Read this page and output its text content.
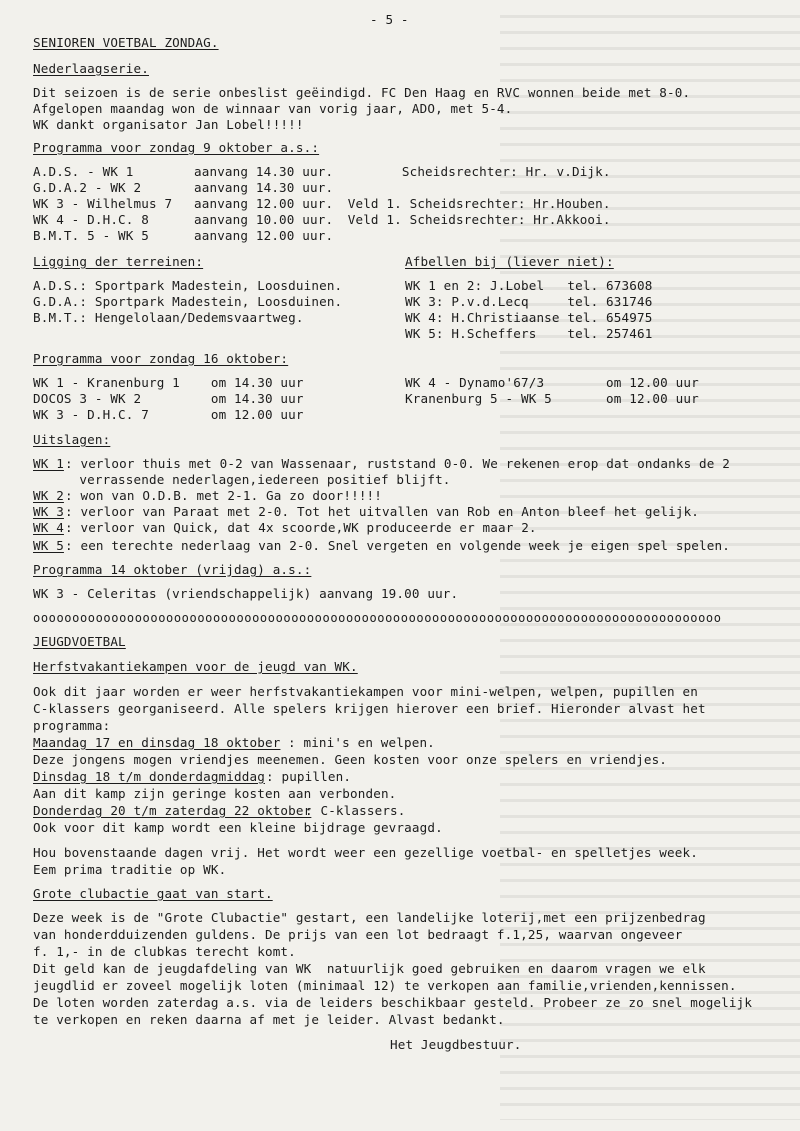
- 5 -
SENIOREN VOETBAL ZONDAG.
Nederlaagserie.
Dit seizoen is de serie onbeslist geëindigd. FC Den Haag en RVC wonnen beide met 8-0.
Afgelopen maandag won de winnaar van vorig jaar, ADO, met 5-4.
WK dankt organisator Jan Lobel!!!!!
Programma voor zondag 9 oktober a.s.:
A.D.S. - WK 1	aanvang 14.30 uur. Scheidsrechter: Hr. v.Dijk.
G.D.A.2 - WK 2	aanvang 14.30 uur.
WK 3 - Wilhelmus 7 aanvang 12.00 uur. Veld 1. Scheidsrechter: Hr.Houben.
WK 4 - D.H.C. 8	aanvang 10.00 uur. Veld 1. Scheidsrechter: Hr.Akkooi.
B.M.T. 5 - WK 5	aanvang 12.00 uur.
Ligging der terreinen:
A.D.S.: Sportpark Madestein, Loosduinen.
G.D.A.: Sportpark Madestein, Loosduinen.
B.M.T.: Hengelolaan/Dedemsvaartweg.
Afbellen bij (liever niet):
WK 1 en 2: J.Lobel   tel. 673608
WK 3: P.v.d.Lecq     tel. 631746
WK 4: H.Christiaanse tel. 654975
WK 5: H.Scheffers    tel. 257461
Programma voor zondag 16 oktober:
WK 1 - Kranenburg 1    om 14.30 uur
DOCOS 3 - WK 2         om 14.30 uur
WK 3 - D.H.C. 7        om 12.00 uur
WK 4 - Dynamo'67/3        om 12.00 uur
Kranenburg 5 - WK 5       om 12.00 uur
Uitslagen:
WK 1 : verloor thuis met 0-2 van Wassenaar, ruststand 0-0. We rekenen erop dat ondanks de 2
verrassende nederlagen,iedereen positief blijft.
WK 2 : won van O.D.B. met 2-1. Ga zo door!!!!!
WK 3 : verloor van Paraat met 2-0. Tot het uitvallen van Rob en Anton bleef het gelijk.
WK 4 : verloor van Quick, dat 4x scoorde,WK produceerde er maar 2.
WK 5 : een terechte nederlaag van 2-0. Snel vergeten en volgende week je eigen spel spelen.
Programma 14 oktober (vrijdag) a.s.:
WK 3 - Celeritas (vriendschappelijk) aanvang 19.00 uur.
oooooooooooooooooooooooooooooooooooooooooooooooooooooooooooooooooooooooooooooooooooooooo
JEUGDVOETBAL
Herfstvakantiekampen voor de jeugd van WK.
Ook dit jaar worden er weer herfstvakantiekampen voor mini-welpen, welpen, pupillen en
C-klassers georganiseerd. Alle spelers krijgen hierover een brief. Hieronder alvast het
programma:
Maandag 17 en dinsdag 18 oktober : mini's en welpen.
Deze jongens mogen vriendjes meenemen. Geen kosten voor onze spelers en vriendjes.
Dinsdag 18 t/m donderdagmiddag : pupillen.
Aan dit kamp zijn geringe kosten aan verbonden.
Donderdag 20 t/m zaterdag 22 oktober
: C-klassers.
Ook voor dit kamp wordt een kleine bijdrage gevraagd.
Hou bovenstaande dagen vrij. Het wordt weer een gezellige voetbal- en spelletjes week.
Eem prima traditie op WK.
Grote clubactie gaat van start.
Deze week is de "Grote Clubactie" gestart, een landelijke loterij,met een prijzenbedrag
van honderdduizenden guldens. De prijs van een lot bedraagt f.1,25, waarvan ongeveer
f. 1,- in de clubkas terecht komt.
Dit geld kan de jeugdafdeling van WK  natuurlijk goed gebruiken en daarom vragen we elk
jeugdlid er zoveel mogelijk loten (minimaal 12) te verkopen aan familie,vrienden,kennissen.
De loten worden zaterdag a.s. via de leiders beschikbaar gesteld. Probeer ze zo snel mogelijk
te verkopen en reken daarna af met je leider. Alvast bedankt.
Het Jeugdbestuur.
